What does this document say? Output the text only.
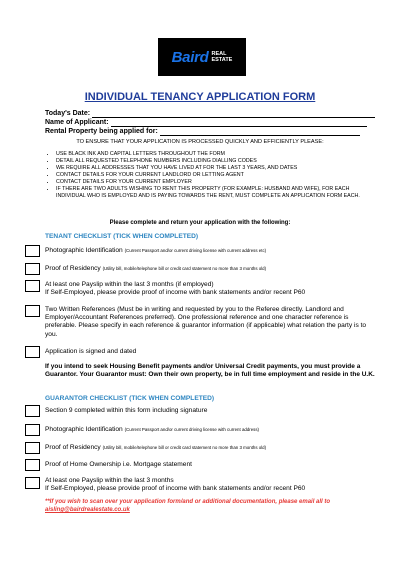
Baird REAL
ESTATE
INDIVIDUAL TENANCY APPLICATION FORM
Today's Date:
Name of Applicant:
Rental Property being applied for:
TO ENSURE THAT YOUR APPLICATION IS PROCESSED QUICKLY AND EFFICIENTLY PLEASE:
• USE BLACK INK AND CAPITAL LETTERS THROUGHOUT THE FORM
• DETAIL ALL REQUESTED TELEPHONE NUMBERS INCLUDING DIALLING CODES
• WE REQUIRE ALL ADDRESSES THAT YOU HAVE LIVED AT FOR THE LAST 3 YEARS, AND DATES
• CONTACT DETAILS FOR YOUR CURRENT LANDLORD OR LETTING AGENT
• CONTACT DETAILS FOR YOUR CURRENT EMPLOYER
• IF THERE ARE TWO ADULTS WISHING TO RENT THIS PROPERTY (FOR EXAMPLE: HUSBAND AND WIFE), FOR EACH INDIVIDUAL WHO IS EMPLOYED AND IS PAYING TOWARDS THE RENT, MUST COMPLETE AN APPLICATION FORM EACH.
Please complete and return your application with the following:
TENANT CHECKLIST (TICK WHEN COMPLETED)
Photographic Identification (Current Passport and/or current driving license with current address etc)
Proof of Residency (Utility bill, mobile/telephone bill or credit card statement no more than 3 months old)
At least one Payslip within the last 3 months (if employed)
If Self-Employed, please provide proof of income with bank statements and/or recent P60
Two Written References (Must be in writing and requested by you to the Referee directly. Landlord and Employer/Accountant References preferred). One professional reference and one character reference is preferable. Please specify in each reference & guarantor information (if applicable) what relation the party is to you.
Application is signed and dated
If you intend to seek Housing Benefit payments and/or Universal Credit payments, you must provide a Guarantor. Your Guarantor must: Own their own property, be in full time employment and reside in the U.K.
GUARANTOR CHECKLIST (TICK WHEN COMPLETED)
Section 9 completed within this form including signature
Photographic Identification (Current Passport and/or current driving license with current address)
Proof of Residency (Utility bill, mobile/telephone bill or credit card statement no more than 3 months old)
Proof of Home Ownership i.e. Mortgage statement
At least one Payslip within the last 3 months
If Self-Employed, please provide proof of income with bank statements and/or recent P60
**If you wish to scan over your application form/and or additional documentation, please email all to
aisling@bairdrealestate.co.uk
